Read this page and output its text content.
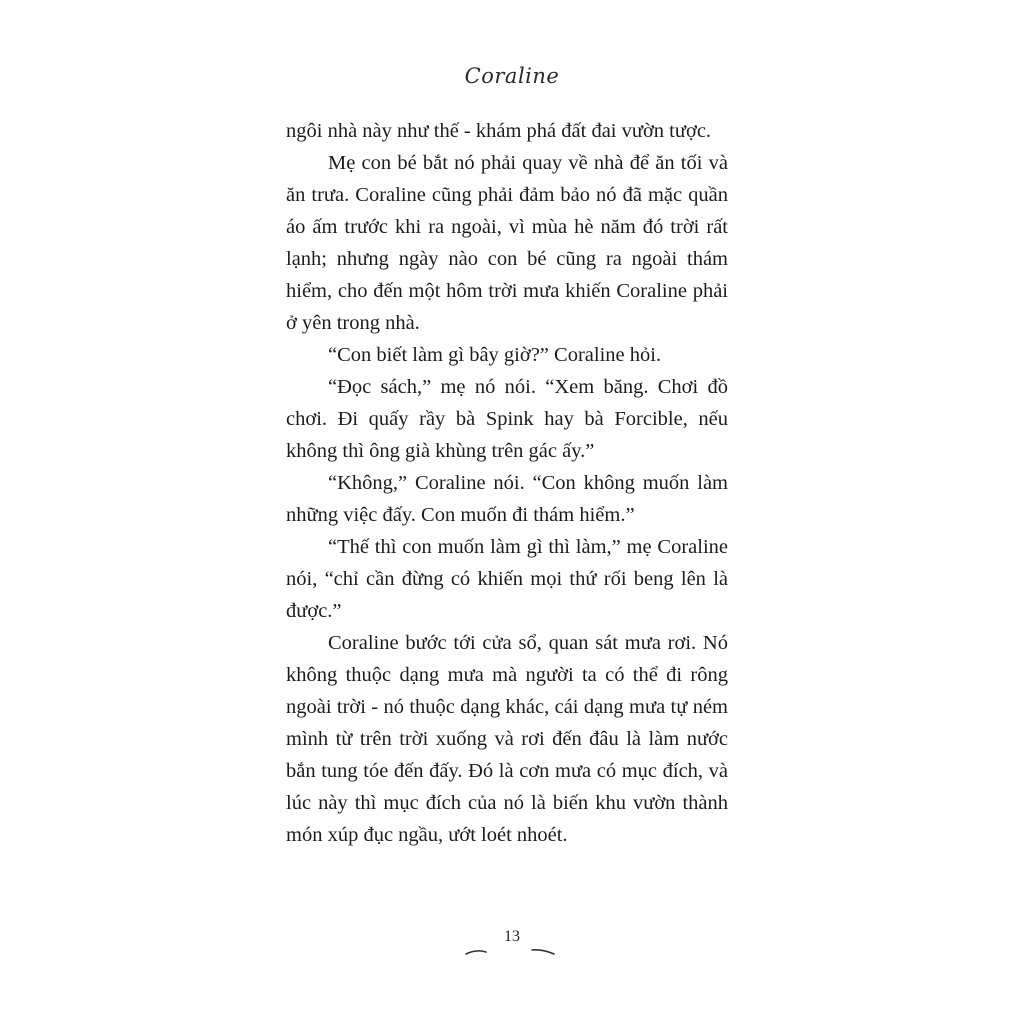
Coraline

ngôi nhà này như thế - khám phá đất đai vườn tược.

Mẹ con bé bắt nó phải quay về nhà để ăn tối và ăn trưa. Coraline cũng phải đảm bảo nó đã mặc quần áo ấm trước khi ra ngoài, vì mùa hè năm đó trời rất lạnh; nhưng ngày nào con bé cũng ra ngoài thám hiểm, cho đến một hôm trời mưa khiến Coraline phải ở yên trong nhà.

“Con biết làm gì bây giờ?” Coraline hỏi.

“Đọc sách,” mẹ nó nói. “Xem băng. Chơi đồ chơi. Đi quấy rầy bà Spink hay bà Forcible, nếu không thì ông già khùng trên gác ấy.”

“Không,” Coraline nói. “Con không muốn làm những việc đấy. Con muốn đi thám hiểm.”

“Thế thì con muốn làm gì thì làm,” mẹ Coraline nói, “chỉ cần đừng có khiến mọi thứ rối beng lên là được.”

Coraline bước tới cửa sổ, quan sát mưa rơi. Nó không thuộc dạng mưa mà người ta có thể đi rông ngoài trời - nó thuộc dạng khác, cái dạng mưa tự ném mình từ trên trời xuống và rơi đến đâu là làm nước bắn tung tóe đến đấy. Đó là cơn mưa có mục đích, và lúc này thì mục đích của nó là biến khu vườn thành món xúp đục ngầu, ướt loét nhoét.

13
